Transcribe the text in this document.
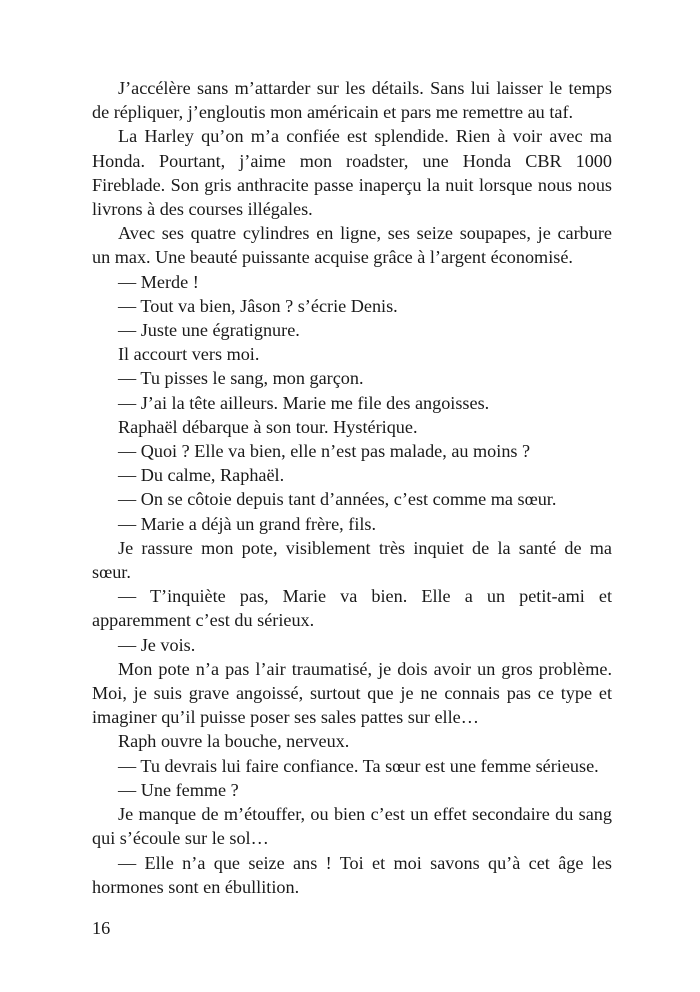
J’accélère sans m’attarder sur les détails. Sans lui laisser le temps de répliquer, j’engloutis mon américain et pars me remettre au taf.

La Harley qu’on m’a confiée est splendide. Rien à voir avec ma Honda. Pourtant, j’aime mon roadster, une Honda CBR 1000 Fireblade. Son gris anthracite passe inaperçu la nuit lorsque nous nous livrons à des courses illégales.

Avec ses quatre cylindres en ligne, ses seize soupapes, je carbure un max. Une beauté puissante acquise grâce à l’argent économisé.

— Merde !

— Tout va bien, Jâson ? s’écrie Denis.

— Juste une égratignure.

Il accourt vers moi.

— Tu pisses le sang, mon garçon.

— J’ai la tête ailleurs. Marie me file des angoisses.

Raphaël débarque à son tour. Hystérique.

— Quoi ? Elle va bien, elle n’est pas malade, au moins ?

— Du calme, Raphaël.

— On se côtoie depuis tant d’années, c’est comme ma sœur.

— Marie a déjà un grand frère, fils.

Je rassure mon pote, visiblement très inquiet de la santé de ma sœur.

— T’inquiète pas, Marie va bien. Elle a un petit-ami et apparemment c’est du sérieux.

— Je vois.

Mon pote n’a pas l’air traumatisé, je dois avoir un gros problème. Moi, je suis grave angoissé, surtout que je ne connais pas ce type et imaginer qu’il puisse poser ses sales pattes sur elle…

Raph ouvre la bouche, nerveux.

— Tu devrais lui faire confiance. Ta sœur est une femme sérieuse.

— Une femme ?

Je manque de m’étouffer, ou bien c’est un effet secondaire du sang qui s’écoule sur le sol…

— Elle n’a que seize ans ! Toi et moi savons qu’à cet âge les hormones sont en ébullition.

16
